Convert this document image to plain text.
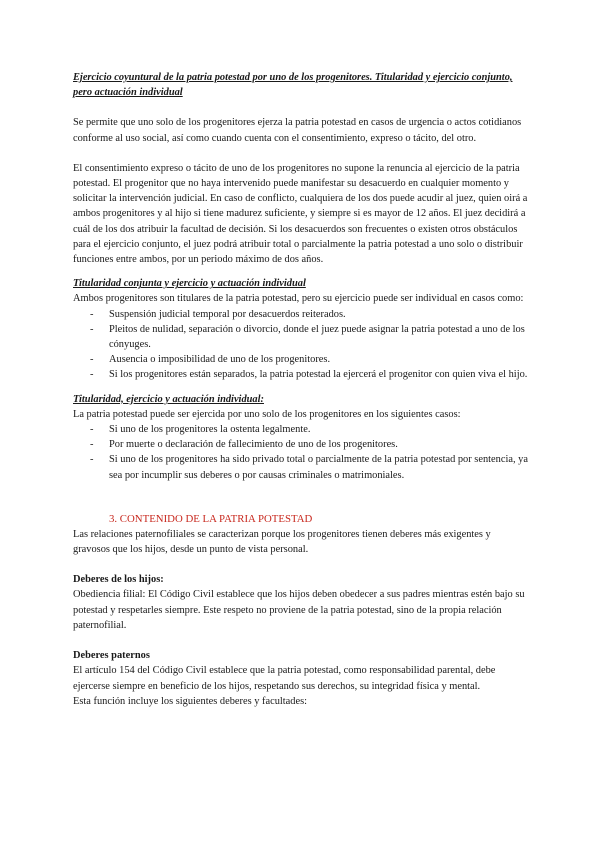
Ejercicio coyuntural de la patria potestad por uno de los progenitores. Titularidad y ejercicio conjunto, pero actuación individual

Se permite que uno solo de los progenitores ejerza la patria potestad en casos de urgencia o actos cotidianos conforme al uso social, así como cuando cuenta con el consentimiento, expreso o tácito, del otro.

El consentimiento expreso o tácito de uno de los progenitores no supone la renuncia al ejercicio de la patria potestad. El progenitor que no haya intervenido puede manifestar su desacuerdo en cualquier momento y solicitar la intervención judicial. En caso de conflicto, cualquiera de los dos puede acudir al juez, quien oirá a ambos progenitores y al hijo si tiene madurez suficiente, y siempre si es mayor de 12 años. El juez decidirá a cuál de los dos atribuir la facultad de decisión. Si los desacuerdos son frecuentes o existen otros obstáculos para el ejercicio conjunto, el juez podrá atribuir total o parcialmente la patria potestad a uno solo o distribuir funciones entre ambos, por un periodo máximo de dos años.

Titularidad conjunta y ejercicio y actuación individual

Ambos progenitores son titulares de la patria potestad, pero su ejercicio puede ser individual en casos como:

- Suspensión judicial temporal por desacuerdos reiterados.
- Pleitos de nulidad, separación o divorcio, donde el juez puede asignar la patria potestad a uno de los cónyuges.
- Ausencia o imposibilidad de uno de los progenitores.
- Si los progenitores están separados, la patria potestad la ejercerá el progenitor con quien viva el hijo.

Titularidad, ejercicio y actuación individual:

La patria potestad puede ser ejercida por uno solo de los progenitores en los siguientes casos:

- Si uno de los progenitores la ostenta legalmente.
- Por muerte o declaración de fallecimiento de uno de los progenitores.
- Si uno de los progenitores ha sido privado total o parcialmente de la patria potestad por sentencia, ya sea por incumplir sus deberes o por causas criminales o matrimoniales.

3. CONTENIDO DE LA PATRIA POTESTAD

Las relaciones paternofiliales se caracterizan porque los progenitores tienen deberes más exigentes y gravosos que los hijos, desde un punto de vista personal.

Deberes de los hijos:

Obediencia filial: El Código Civil establece que los hijos deben obedecer a sus padres mientras estén bajo su potestad y respetarles siempre. Este respeto no proviene de la patria potestad, sino de la propia relación paternofilial.

Deberes paternos

El artículo 154 del Código Civil establece que la patria potestad, como responsabilidad parental, debe ejercerse siempre en beneficio de los hijos, respetando sus derechos, su integridad física y mental.

Esta función incluye los siguientes deberes y facultades:
